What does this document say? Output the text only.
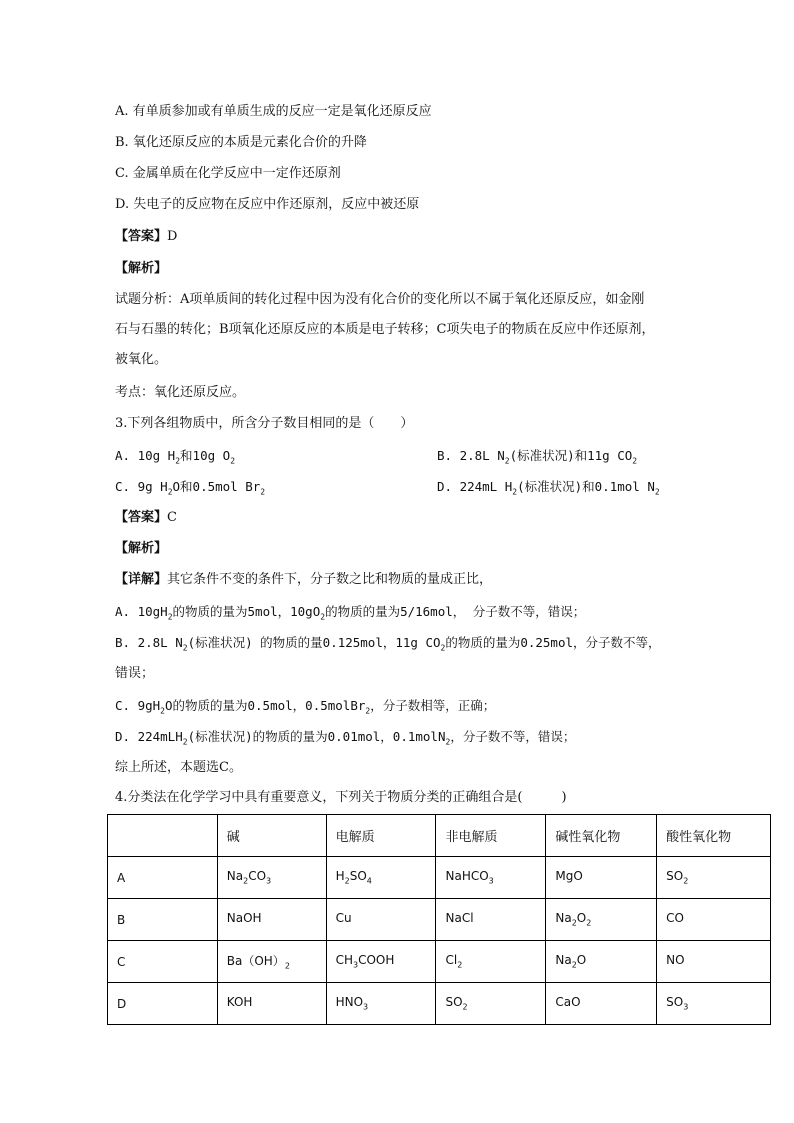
A. 有单质参加或有单质生成的反应一定是氧化还原反应
B. 氧化还原反应的本质是元素化合价的升降
C. 金属单质在化学反应中一定作还原剂
D. 失电子的反应物在反应中作还原剂，反应中被还原
【答案】D
【解析】
试题分析：A项单质间的转化过程中因为没有化合价的变化所以不属于氧化还原反应，如金刚
石与石墨的转化；B项氧化还原反应的本质是电子转移；C项失电子的物质在反应中作还原剂，
被氧化。
考点：氧化还原反应。
3.下列各组物质中，所含分子数目相同的是（　　）
A. 10g $H_2$和10g $O_2$	B. 2.8L $N_2$(标准状况)和11g $CO_2$
C. 9g $H_2O$和0.5mol $Br_2$	D. 224mL $H_2$(标准状况)和0.1mol $N_2$
【答案】C
【解析】
【详解】其它条件不变的条件下，分子数之比和物质的量成正比，
A. $10gH_2$的物质的量为5mol，$10gO_2$的物质的量为5/16mol， 分子数不等，错误；
B. 2.8L $N_2$(标准状况) 的物质的量0.125mol，11g $CO_2$的物质的量为0.25mol，分子数不等，
错误；
C. $9gH_2O$的物质的量为0.5mol，0.5molBr$_2$，分子数相等，正确；
D. 224mLH$_2$(标准状况)的物质的量为0.01mol，0.1molN$_2$，分子数不等，错误；
综上所述，本题选C。
4.分类法在化学学习中具有重要意义，下列关于物质分类的正确组合是(　　　)
	碱	电解质	非电解质	碱性氧化物	酸性氧化物
A	$Na_2CO_3$	$H_2SO_4$	NaHCO$_3$	MgO	$SO_2$
B	NaOH	Cu	NaCl	$Na_2O_2$	CO
C	$Ba(OH)_2$	$CH_3COOH$	$Cl_2$	$Na_2O$	NO
D	KOH	$HNO_3$	$SO_2$	CaO	$SO_3$
